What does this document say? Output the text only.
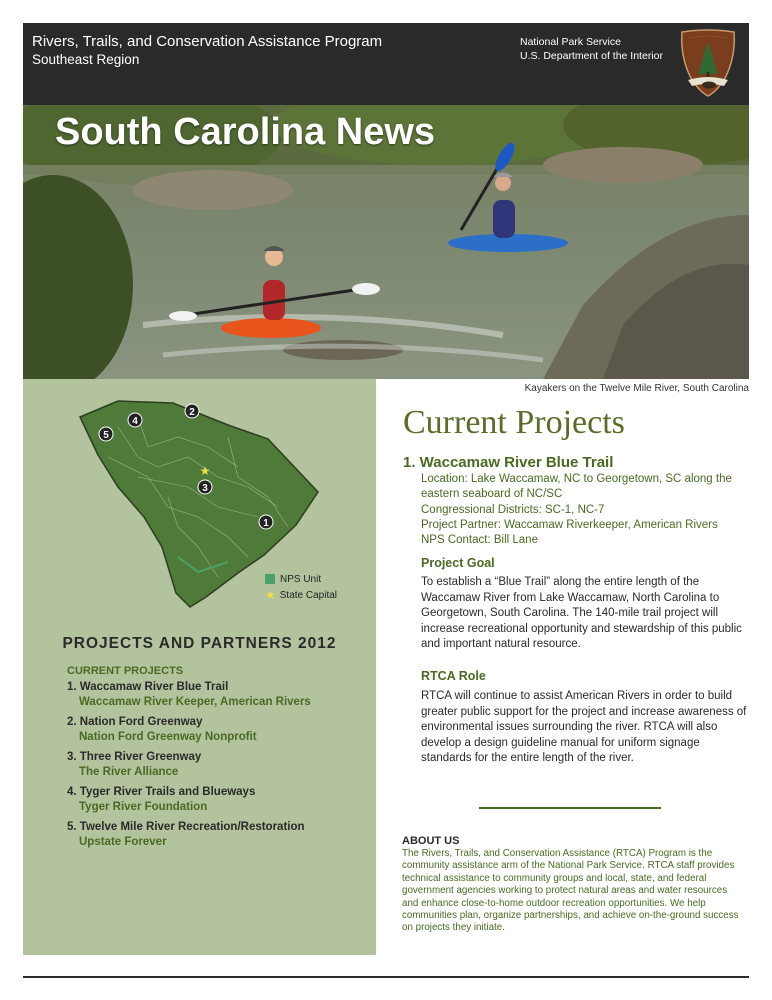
Rivers, Trails, and Conservation Assistance Program
Southeast Region
National Park Service
U.S. Department of the Interior
South Carolina News
Kayakers on the Twelve Mile River, South Carolina
★
1
2
3
4
5
NPS Unit
★ State Capital
PROJECTS AND PARTNERS 2012
CURRENT PROJECTS
1. Waccamaw River Blue Trail
Waccamaw River Keeper, American Rivers
2. Nation Ford Greenway
Nation Ford Greenway Nonprofit
3. Three River Greenway
The River Alliance
4. Tyger River Trails and Blueways
Tyger River Foundation
5. Twelve Mile River Recreation/Restoration
Upstate Forever
Current Projects
1. Waccamaw River Blue Trail
Location: Lake Waccamaw, NC to Georgetown, SC along the
eastern seaboard of NC/SC
Congressional Districts: SC-1, NC-7
Project Partner: Waccamaw Riverkeeper, American Rivers
NPS Contact: Bill Lane
Project Goal
To establish a “Blue Trail” along the entire length of the Waccamaw River from Lake Waccamaw, North Carolina to Georgetown, South Carolina. The 140-mile trail project will increase recreational opportunity and stewardship of this public and important natural resource.
RTCA Role
RTCA will continue to assist American Rivers in order to build greater public support for the project and increase awareness of environmental issues surrounding the river. RTCA will also develop a design guideline manual for uniform signage standards for the entire length of the river.
ABOUT US
The Rivers, Trails, and Conservation Assistance (RTCA) Program is the community assistance arm of the National Park Service. RTCA staff provides technical assistance to community groups and local, state, and federal government agencies working to protect natural areas and water resources and enhance close-to-home outdoor recreation opportunities. We help communities plan, organize partnerships, and achieve on-the-ground success on projects they initiate.
